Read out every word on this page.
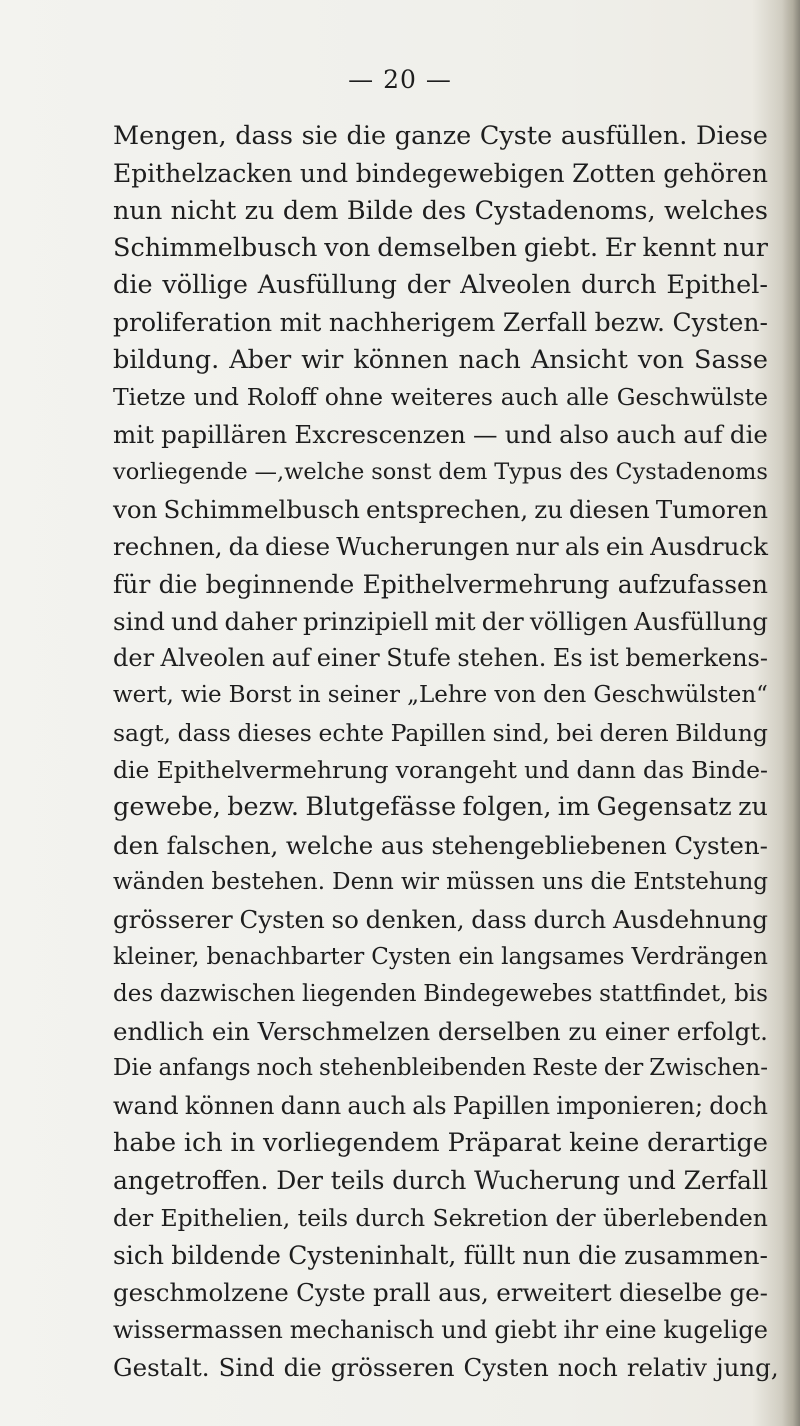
— 20 —
Mengen, dass sie die ganze Cyste ausfüllen. Diese
Epithelzacken und bindegewebigen Zotten gehören
nun nicht zu dem Bilde des Cystadenoms, welches
Schimmelbusch von demselben giebt. Er kennt nur
die völlige Ausfüllung der Alveolen durch Epithel-
proliferation mit nachherigem Zerfall bezw. Cysten-
bildung. Aber wir können nach Ansicht von Sasse
Tietze und Roloff ohne weiteres auch alle Geschwülste
mit papillären Excrescenzen — und also auch auf die
vorliegende —,welche sonst dem Typus des Cystadenoms
von Schimmelbusch entsprechen, zu diesen Tumoren
rechnen, da diese Wucherungen nur als ein Ausdruck
für die beginnende Epithelvermehrung aufzufassen
sind und daher prinzipiell mit der völligen Ausfüllung
der Alveolen auf einer Stufe stehen. Es ist bemerkens-
wert, wie Borst in seiner „Lehre von den Geschwülsten“
sagt, dass dieses echte Papillen sind, bei deren Bildung
die Epithelvermehrung vorangeht und dann das Binde-
gewebe, bezw. Blutgefässe folgen, im Gegensatz zu
den falschen, welche aus stehengebliebenen Cysten-
wänden bestehen. Denn wir müssen uns die Entstehung
grösserer Cysten so denken, dass durch Ausdehnung
kleiner, benachbarter Cysten ein langsames Verdrängen
des dazwischen liegenden Bindegewebes stattfindet, bis
endlich ein Verschmelzen derselben zu einer erfolgt.
Die anfangs noch stehenbleibenden Reste der Zwischen-
wand können dann auch als Papillen imponieren; doch
habe ich in vorliegendem Präparat keine derartige
angetroffen. Der teils durch Wucherung und Zerfall
der Epithelien, teils durch Sekretion der überlebenden
sich bildende Cysteninhalt, füllt nun die zusammen-
geschmolzene Cyste prall aus, erweitert dieselbe ge-
wissermassen mechanisch und giebt ihr eine kugelige
Gestalt. Sind die grösseren Cysten noch relativ jung,
